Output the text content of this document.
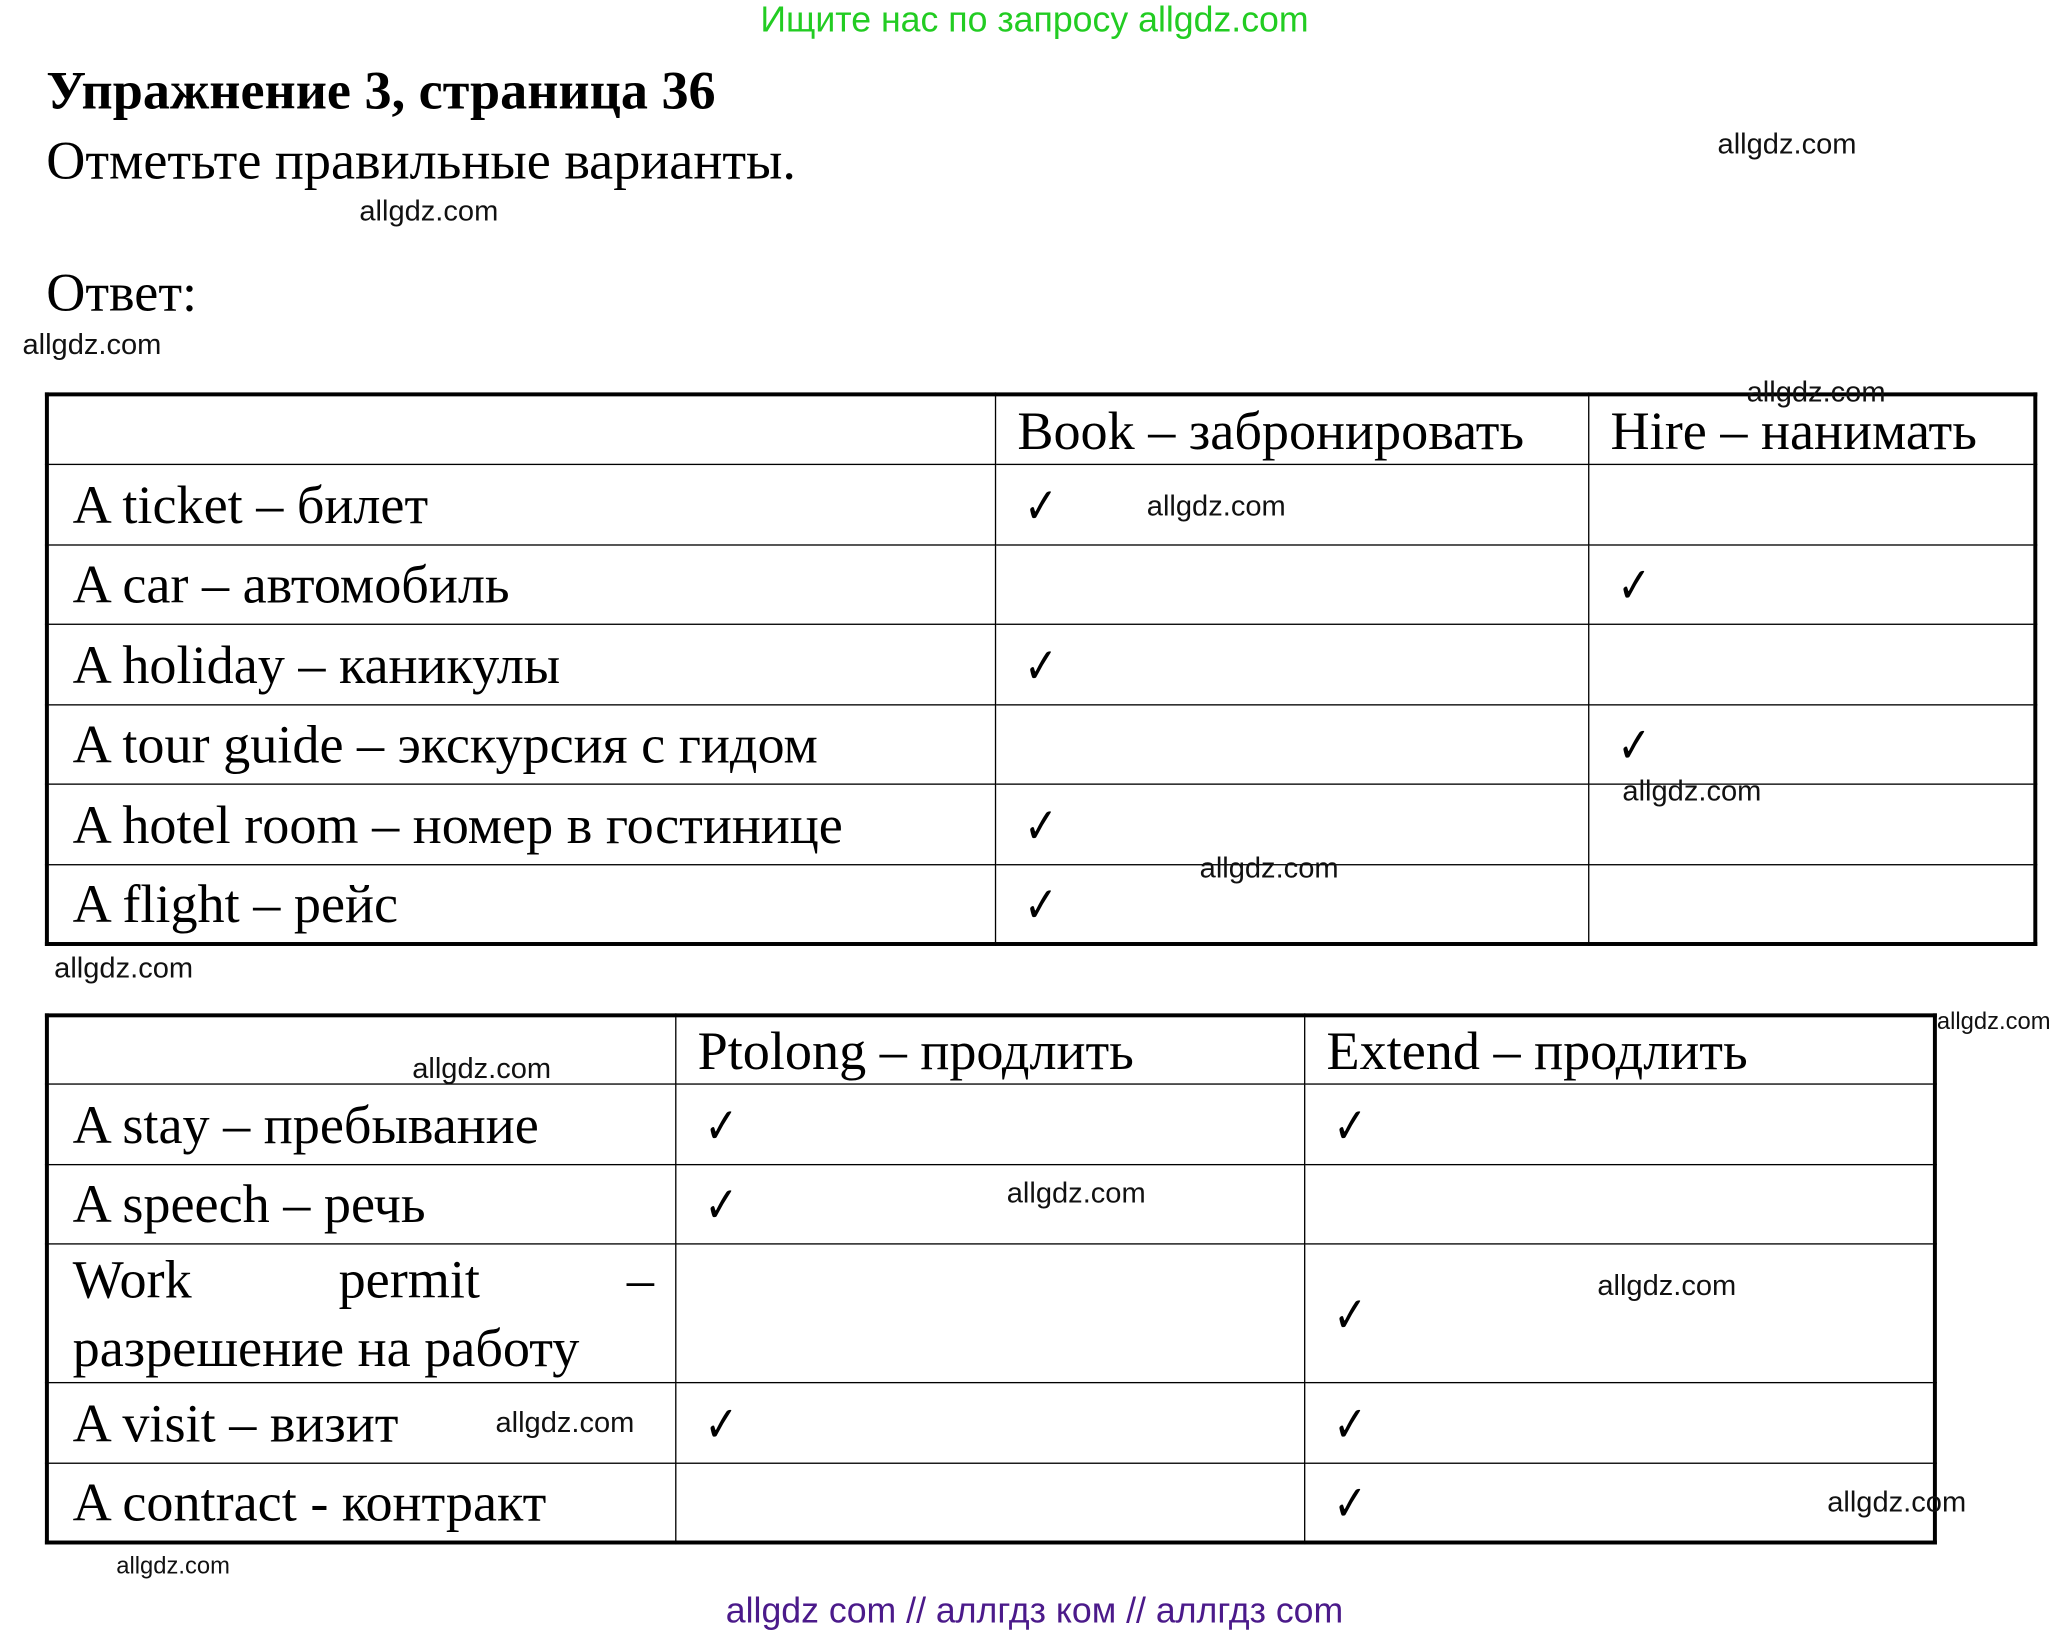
Ищите нас по запросу allgdz.com
Упражнение 3, страница 36
Отметьте правильные варианты.
Ответ:
	Book – забронировать	Hire – нанимать
A ticket – билет	✓	
A car – автомобиль		✓
A holiday – каникулы	✓	
A tour guide – экскурсия с гидом		✓
A hotel room – номер в гостинице	✓	
A flight – рейс	✓	
	Ptolong – продлить	Extend – продлить
A stay – пребывание	✓	✓
A speech – речь	✓	
Work permit – разрешение на работу		✓
A visit – визит	✓	✓
A contract - контракт		✓
allgdz.com
allgdz.com
allgdz.com
allgdz.com
allgdz.com
allgdz.com
allgdz.com
allgdz.com
allgdz.com
allgdz.com
allgdz.com
allgdz.com
allgdz.com
allgdz.com
allgdz.com
allgdz com // аллгдз ком // аллгдз com
